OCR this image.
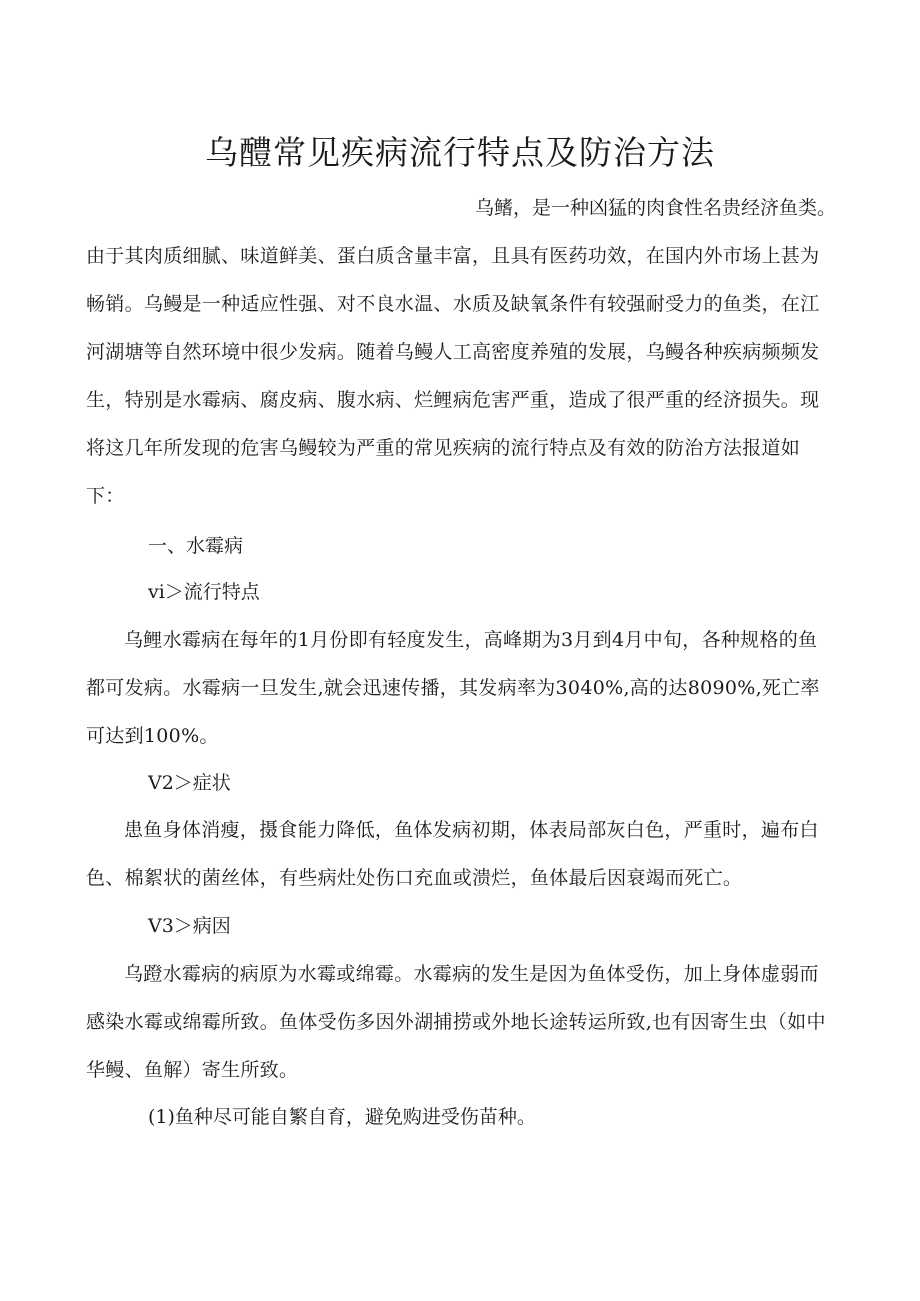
乌醴常见疾病流行特点及防治方法

乌鳍，是一种凶猛的肉食性名贵经济鱼类。

由于其肉质细腻、味道鲜美、蛋白质含量丰富，且具有医药功效，在国内外市场上甚为畅销。乌鳗是一种适应性强、对不良水温、水质及缺氧条件有较强耐受力的鱼类，在江河湖塘等自然环境中很少发病。随着乌鳗人工高密度养殖的发展，乌鳗各种疾病频频发生，特别是水霉病、腐皮病、腹水病、烂鲤病危害严重，造成了很严重的经济损失。现将这几年所发现的危害乌鳗较为严重的常见疾病的流行特点及有效的防治方法报道如下：

一、水霉病

vi＞流行特点

乌鲤水霉病在每年的1月份即有轻度发生，高峰期为3月到4月中旬，各种规格的鱼都可发病。水霉病一旦发生,就会迅速传播，其发病率为3040%,高的达8090%,死亡率可达到100%。

V2＞症状

患鱼身体消瘦，摄食能力降低，鱼体发病初期，体表局部灰白色，严重时，遍布白色、棉絮状的菌丝体，有些病灶处伤口充血或溃烂，鱼体最后因衰竭而死亡。

V3＞病因

乌蹬水霉病的病原为水霉或绵霉。水霉病的发生是因为鱼体受伤，加上身体虚弱而感染水霉或绵霉所致。鱼体受伤多因外湖捕捞或外地长途转运所致,也有因寄生虫（如中华鳗、鱼解）寄生所致。

(1)鱼种尽可能自繁自育，避免购进受伤苗种。
